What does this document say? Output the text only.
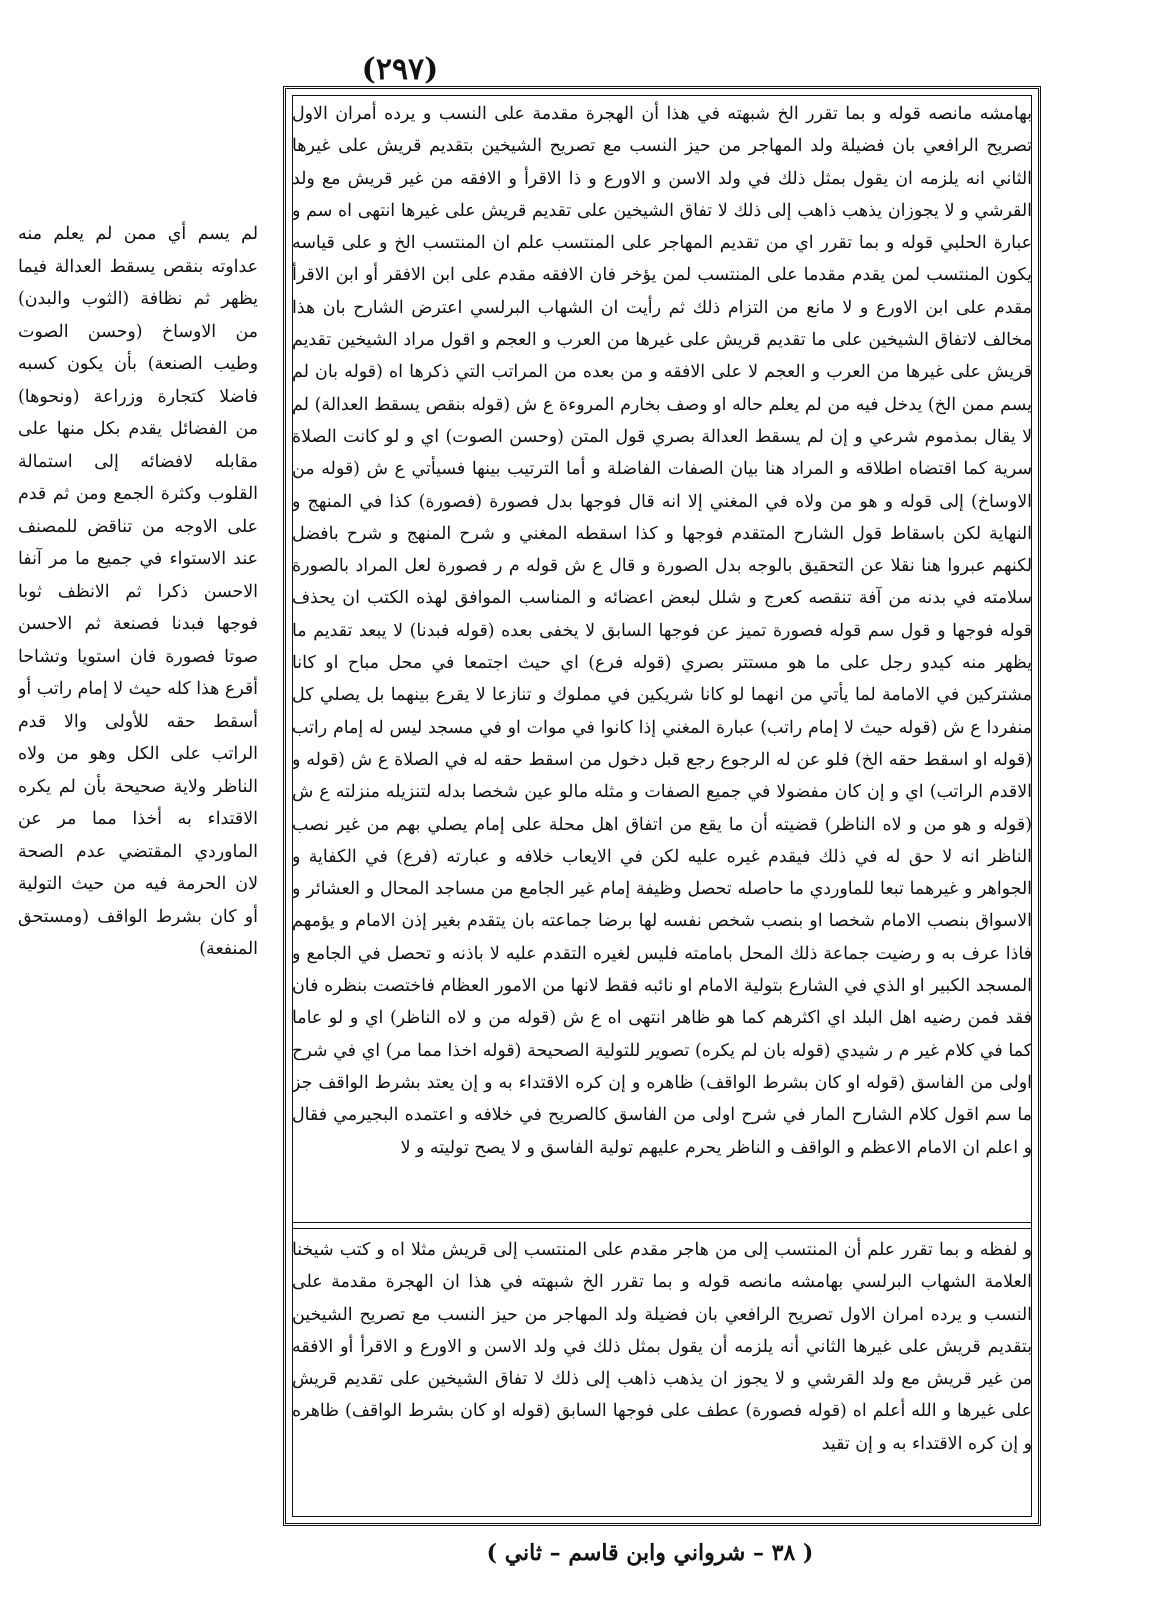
(٢٩٧)
بهامشه مانصه قوله و بما تقرر الخ شبهته في هذا أن الهجرة مقدمة على النسب و يرده أمران الاول تصريح الرافعي بان فضيلة ولد المهاجر من حيز النسب مع تصريح الشيخين بتقديم قريش على غيرها الثاني انه يلزمه ان يقول بمثل ذلك في ولد الاسن و الاورع و ذا الاقرأ و الافقه من غير قريش مع ولد القرشي و لا يجوزان يذهب ذاهب إلى ذلك لا تفاق الشيخين على تقديم قريش على غيرها انتهى اه سم و عبارة الحلبي قوله و بما تقرر اي من تقديم المهاجر على المنتسب علم ان المنتسب الخ و على قياسه يكون المنتسب لمن يقدم مقدما على المنتسب لمن يؤخر فان الافقه مقدم على ابن الافقر أو ابن الاقرأ مقدم على ابن الاورع و لا مانع من التزام ذلك ثم رأيت ان الشهاب البرلسي اعترض الشارح بان هذا مخالف لاتفاق الشيخين على ما تقديم قريش على غيرها من العرب و العجم و اقول مراد الشيخين تقديم قريش على غيرها من العرب و العجم لا على الافقه و من بعده من المراتب التي ذكرها اه (قوله بان لم يسم ممن الخ) يدخل فيه من لم يعلم حاله او وصف بخارم المروءة ع ش (قوله بنقص يسقط العدالة) لم لا يقال بمذموم شرعي و إن لم يسقط العدالة بصري قول المتن (وحسن الصوت) اي و لو كانت الصلاة سرية كما اقتضاه اطلاقه و المراد هنا بيان الصفات الفاضلة و أما الترتيب بينها فسيأتي ع ش (قوله من الاوساخ) إلى قوله و هو من ولاه في المغني إلا انه قال فوجها بدل فصورة (فصورة) كذا في المنهج و النهاية لكن باسقاط قول الشارح المتقدم فوجها و كذا اسقطه المغني و شرح المنهج و شرح بافضل لكنهم عبروا هنا نقلا عن التحقيق بالوجه بدل الصورة و قال ع ش قوله م ر فصورة لعل المراد بالصورة سلامته في بدنه من آفة تنقصه كعرج و شلل لبعض اعضائه و المناسب الموافق لهذه الكتب ان يحذف قوله فوجها و قول سم قوله فصورة تميز عن فوجها السابق لا يخفى بعده (قوله فبدنا) لا يبعد تقديم ما يظهر منه كيدو رجل على ما هو مستتر بصري (قوله فرع) اي حيث اجتمعا في محل مباح او كانا مشتركين في الامامة لما يأتي من انهما لو كانا شريكين في مملوك و تنازعا لا يقرع بينهما بل يصلي كل منفردا ع ش (قوله حيث لا إمام راتب) عبارة المغني إذا كانوا في موات او في مسجد ليس له إمام راتب (قوله او اسقط حقه الخ) فلو عن له الرجوع رجع قبل دخول من اسقط حقه له في الصلاة ع ش (قوله و الاقدم الراتب) اي و إن كان مفضولا في جميع الصفات و مثله مالو عين شخصا بدله لتنزيله منزلته ع ش (قوله و هو من و لاه الناظر) قضيته أن ما يقع من اتفاق اهل محلة على إمام يصلي بهم من غير نصب الناظر انه لا حق له في ذلك فيقدم غيره عليه لكن في الايعاب خلافه و عبارته (فرع) في الكفاية و الجواهر و غيرهما تبعا للماوردي ما حاصله تحصل وظيفة إمام غير الجامع من مساجد المحال و العشائر و الاسواق بنصب الامام شخصا او بنصب شخص نفسه لها برضا جماعته بان يتقدم بغير إذن الامام و يؤمهم فاذا عرف به و رضيت جماعة ذلك المحل بامامته فليس لغيره التقدم عليه لا باذنه و تحصل في الجامع و المسجد الكبير او الذي في الشارع بتولية الامام او نائبه فقط لانها من الامور العظام فاختصت بنظره فان فقد فمن رضيه اهل البلد اي اكثرهم كما هو ظاهر انتهى اه ع ش (قوله من و لاه الناظر) اي و لو عاما كما في كلام غير م ر شيدي (قوله بان لم يكره) تصوير للتولية الصحيحة (قوله اخذا مما مر) اي في شرح اولى من الفاسق (قوله او كان بشرط الواقف) ظاهره و إن كره الاقتداء به و إن يعتد بشرط الواقف جز ما سم اقول كلام الشارح المار في شرح اولى من الفاسق كالصريح في خلافه و اعتمده البجيرمي فقال و اعلم ان الامام الاعظم و الواقف و الناظر يحرم عليهم تولية الفاسق و لا يصح توليته و لا
و لفظه و بما تقرر علم أن المنتسب إلى من هاجر مقدم على المنتسب إلى قريش مثلا اه و كتب شيخنا العلامة الشهاب البرلسي بهامشه مانصه قوله و بما تقرر الخ شبهته في هذا ان الهجرة مقدمة على النسب و يرده امران الاول تصريح الرافعي بان فضيلة ولد المهاجر من حيز النسب مع تصريح الشيخين بتقديم قريش على غيرها الثاني أنه يلزمه أن يقول بمثل ذلك في ولد الاسن و الاورع و الاقرأ أو الافقه من غير قريش مع ولد القرشي و لا يجوز ان يذهب ذاهب إلى ذلك لا تفاق الشيخين على تقديم قريش على غيرها و الله أعلم اه (قوله فصورة) عطف على فوجها السابق (قوله او كان بشرط الواقف) ظاهره و إن كره الاقتداء به و إن تقيد
لم يسم أي ممن لم يعلم منه عداوته بنقص يسقط العدالة فيما يظهر ثم نظافة (الثوب والبدن) من الاوساخ (وحسن الصوت وطيب الصنعة) بأن يكون كسبه فاضلا كتجارة وزراعة (ونحوها) من الفضائل يقدم بكل منها على مقابله لافضائه إلى استمالة القلوب وكثرة الجمع ومن ثم قدم على الاوجه من تناقض للمصنف عند الاستواء في جميع ما مر آنفا الاحسن ذكرا ثم الانظف ثوبا فوجها فبدنا فصنعة ثم الاحسن صوتا فصورة فان استويا وتشاحا أقرع هذا كله حيث لا إمام راتب أو أسقط حقه للأولى والا قدم الراتب على الكل وهو من ولاه الناظر ولاية صحيحة بأن لم يكره الاقتداء به أخذا مما مر عن الماوردي المقتضي عدم الصحة لان الحرمة فيه من حيث التولية أو كان بشرط الواقف (ومستحق المنفعة)
( ٣٨ – شرواني وابن قاسم – ثاني )
